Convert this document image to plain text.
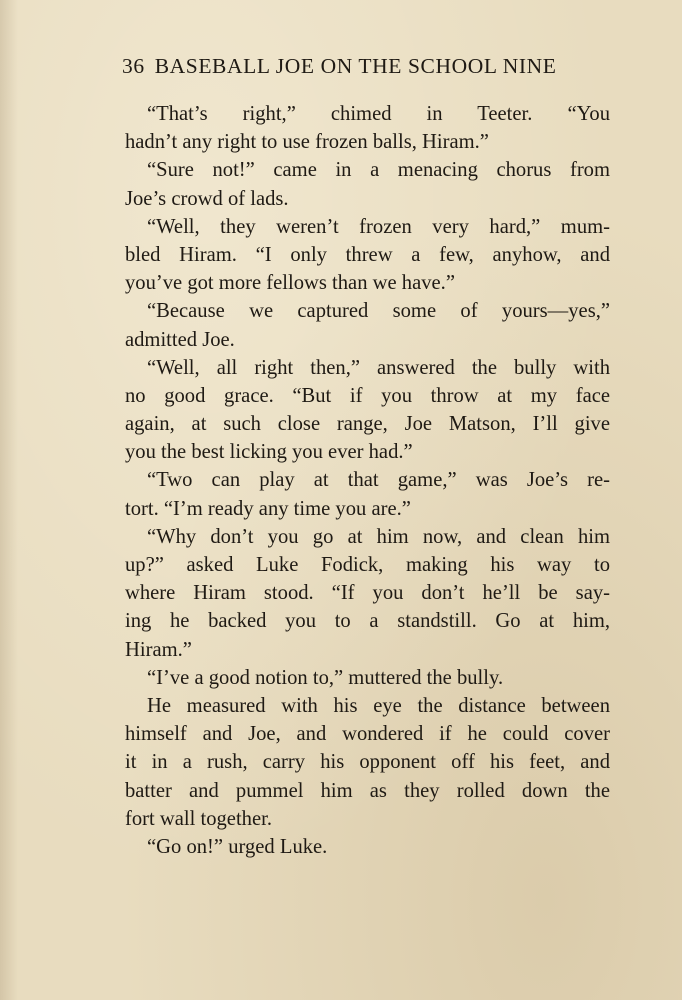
36 BASEBALL JOE ON THE SCHOOL NINE
“That’s right,” chimed in Teeter. “You
hadn’t any right to use frozen balls, Hiram.”
“Sure not!” came in a menacing chorus from
Joe’s crowd of lads.
“Well, they weren’t frozen very hard,” mum-
bled Hiram. “I only threw a few, anyhow, and
you’ve got more fellows than we have.”
“Because we captured some of yours—yes,”
admitted Joe.
“Well, all right then,” answered the bully with
no good grace. “But if you throw at my face
again, at such close range, Joe Matson, I’ll give
you the best licking you ever had.”
“Two can play at that game,” was Joe’s re-
tort. “I’m ready any time you are.”
“Why don’t you go at him now, and clean him
up?” asked Luke Fodick, making his way to
where Hiram stood. “If you don’t he’ll be say-
ing he backed you to a standstill. Go at him,
Hiram.”
“I’ve a good notion to,” muttered the bully.
He measured with his eye the distance between
himself and Joe, and wondered if he could cover
it in a rush, carry his opponent off his feet, and
batter and pummel him as they rolled down the
fort wall together.
“Go on!” urged Luke.
